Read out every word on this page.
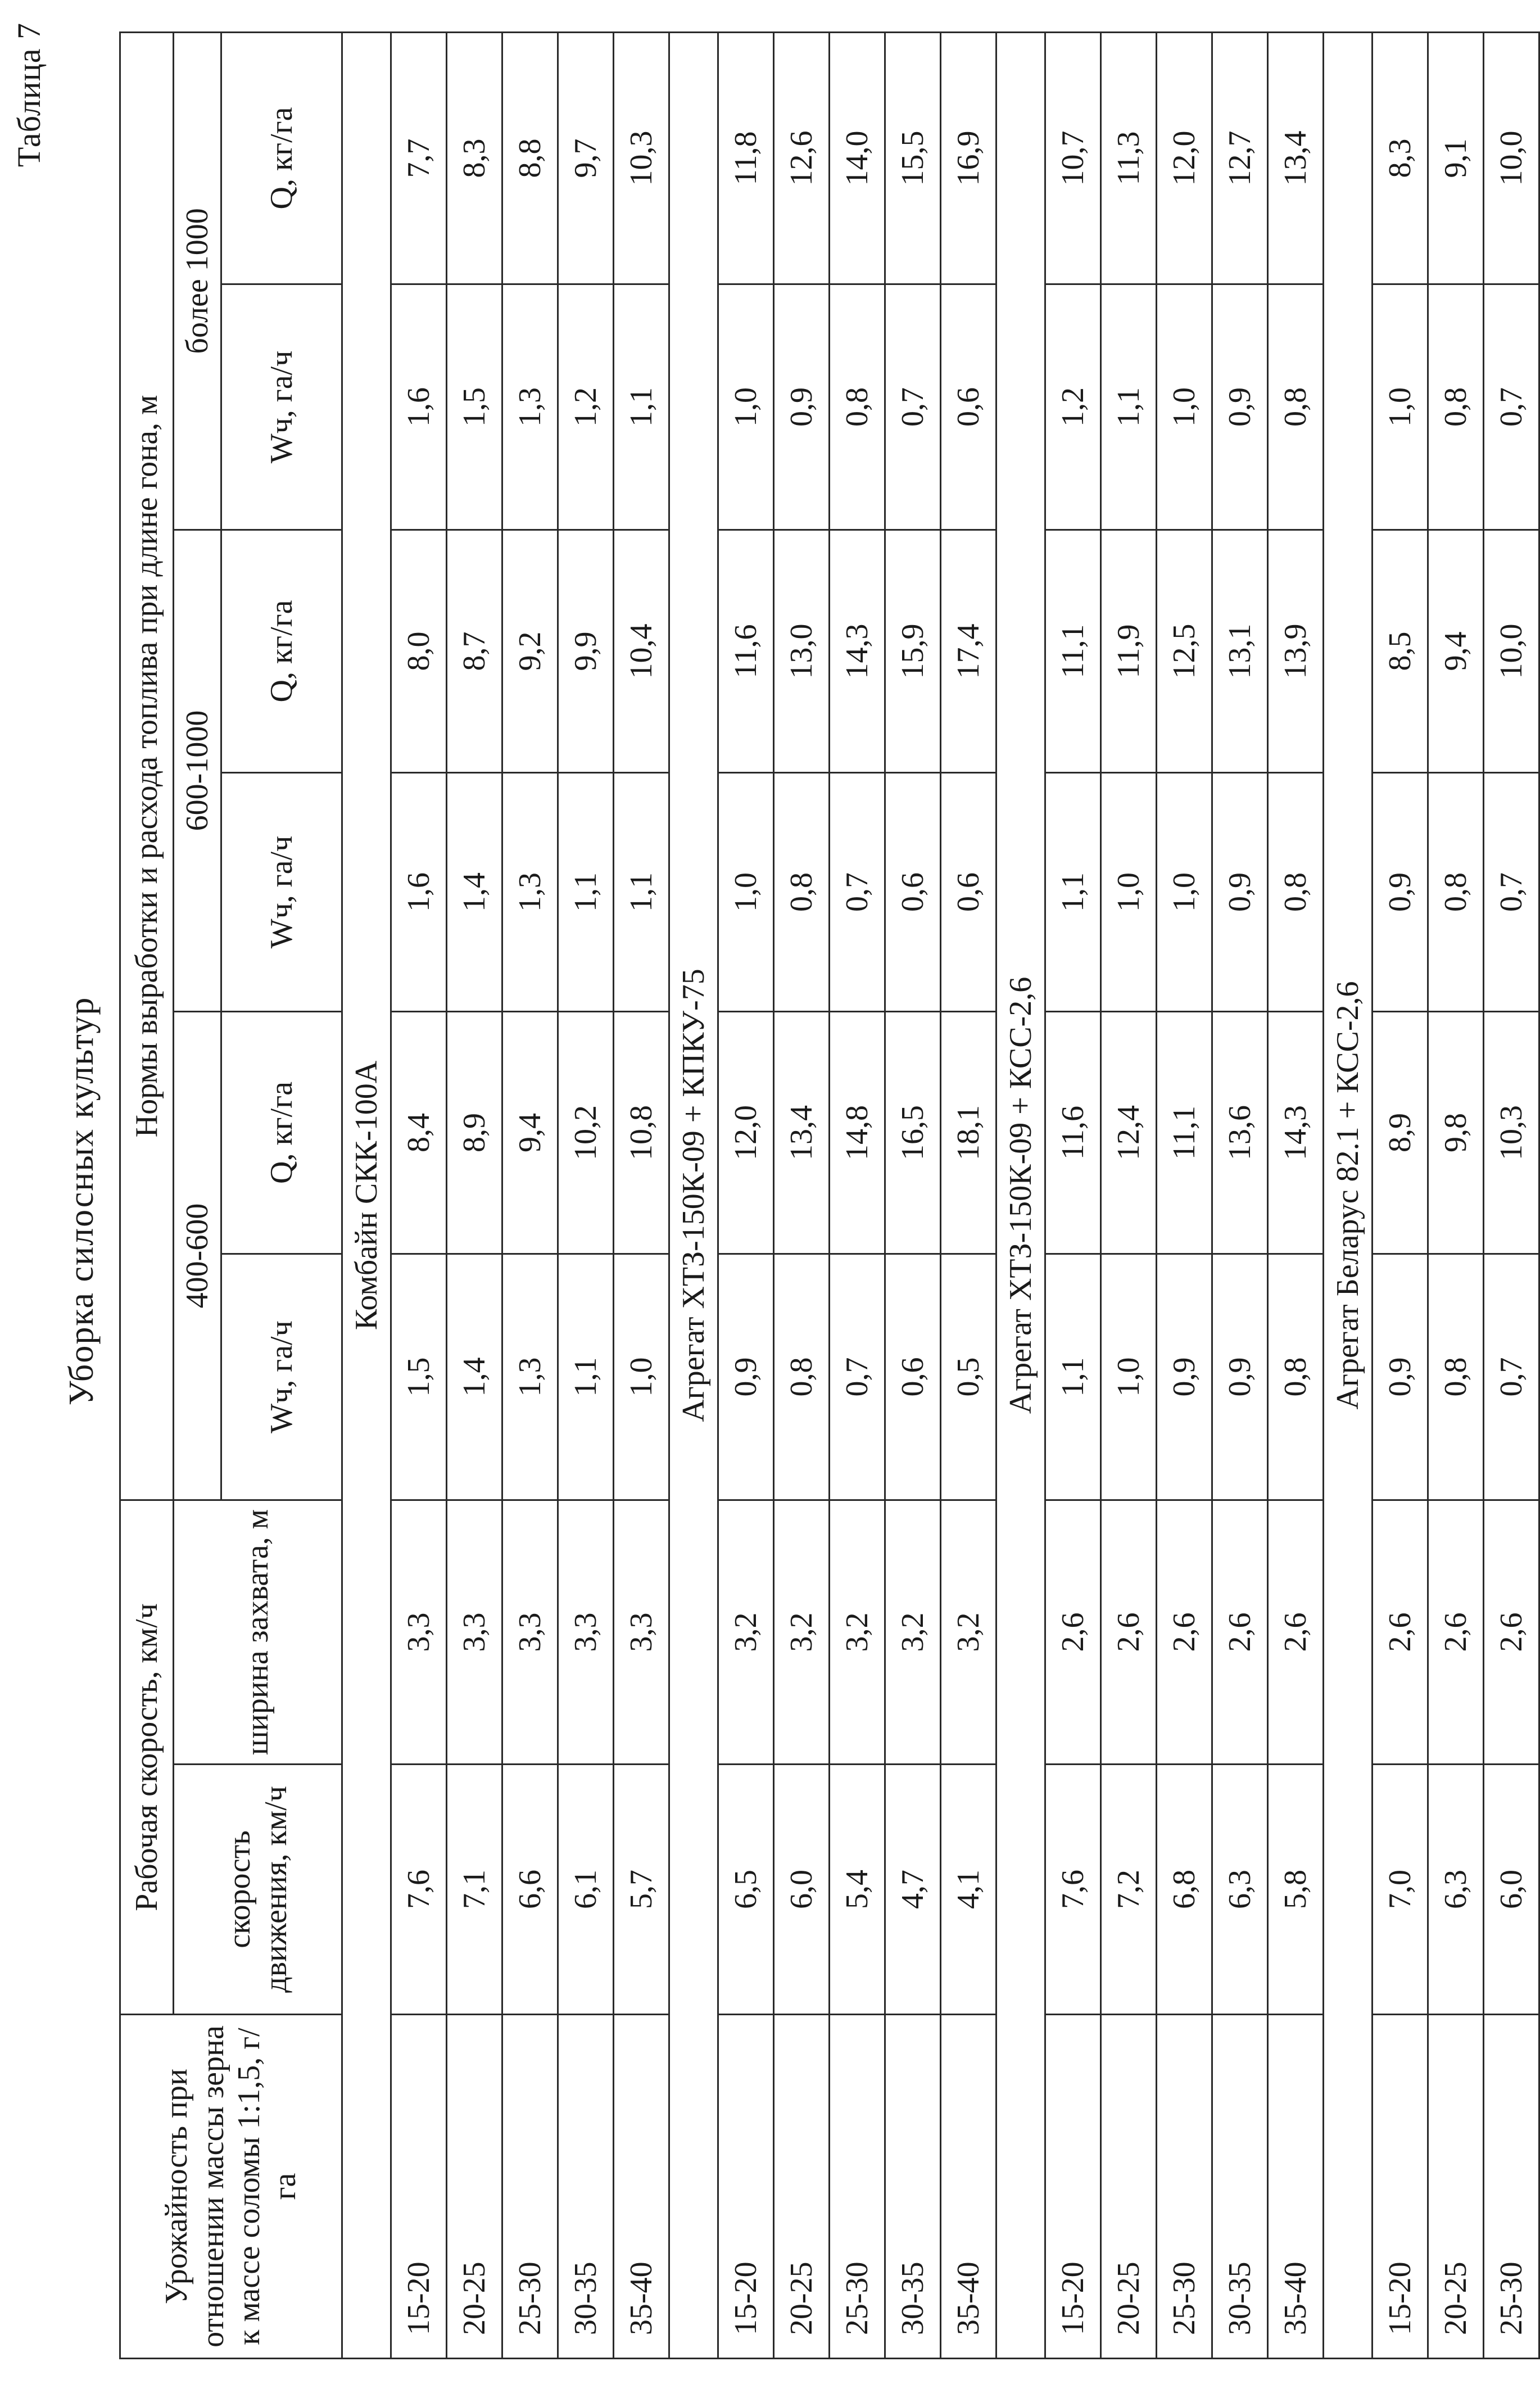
Таблица 7
Уборка силосных культур
Урожайность при отношении массы зерна к массе соломы 1:1,5, г/га	Рабочая скорость, км/ч		Нормы выработки и расхода топлива при длине гона, м					
	скорость движения, км/ч	ширина захвата, м	400-600		600-1000		более 1000	
			Wч, га/ч	Q, кг/га	Wч, га/ч	Q, кг/га	Wч, га/ч	Q, кг/га
Комбайн СКК-100А								
15-20	7,6	3,3	1,5	8,4	1,6	8,0	1,6	7,7
20-25	7,1	3,3	1,4	8,9	1,4	8,7	1,5	8,3
25-30	6,6	3,3	1,3	9,4	1,3	9,2	1,3	8,8
30-35	6,1	3,3	1,1	10,2	1,1	9,9	1,2	9,7
35-40	5,7	3,3	1,0	10,8	1,1	10,4	1,1	10,3
Агрегат ХТЗ-150К-09 + КПКУ-75								
15-20	6,5	3,2	0,9	12,0	1,0	11,6	1,0	11,8
20-25	6,0	3,2	0,8	13,4	0,8	13,0	0,9	12,6
25-30	5,4	3,2	0,7	14,8	0,7	14,3	0,8	14,0
30-35	4,7	3,2	0,6	16,5	0,6	15,9	0,7	15,5
35-40	4,1	3,2	0,5	18,1	0,6	17,4	0,6	16,9
Агрегат ХТЗ-150К-09 + КСС-2,6								
15-20	7,6	2,6	1,1	11,6	1,1	11,1	1,2	10,7
20-25	7,2	2,6	1,0	12,4	1,0	11,9	1,1	11,3
25-30	6,8	2,6	0,9	11,1	1,0	12,5	1,0	12,0
30-35	6,3	2,6	0,9	13,6	0,9	13,1	0,9	12,7
35-40	5,8	2,6	0,8	14,3	0,8	13,9	0,8	13,4
Агрегат Беларус 82.1 + КСС-2,6								
15-20	7,0	2,6	0,9	8,9	0,9	8,5	1,0	8,3
20-25	6,3	2,6	0,8	9,8	0,8	9,4	0,8	9,1
25-30	6,0	2,6	0,7	10,3	0,7	10,0	0,7	10,0
